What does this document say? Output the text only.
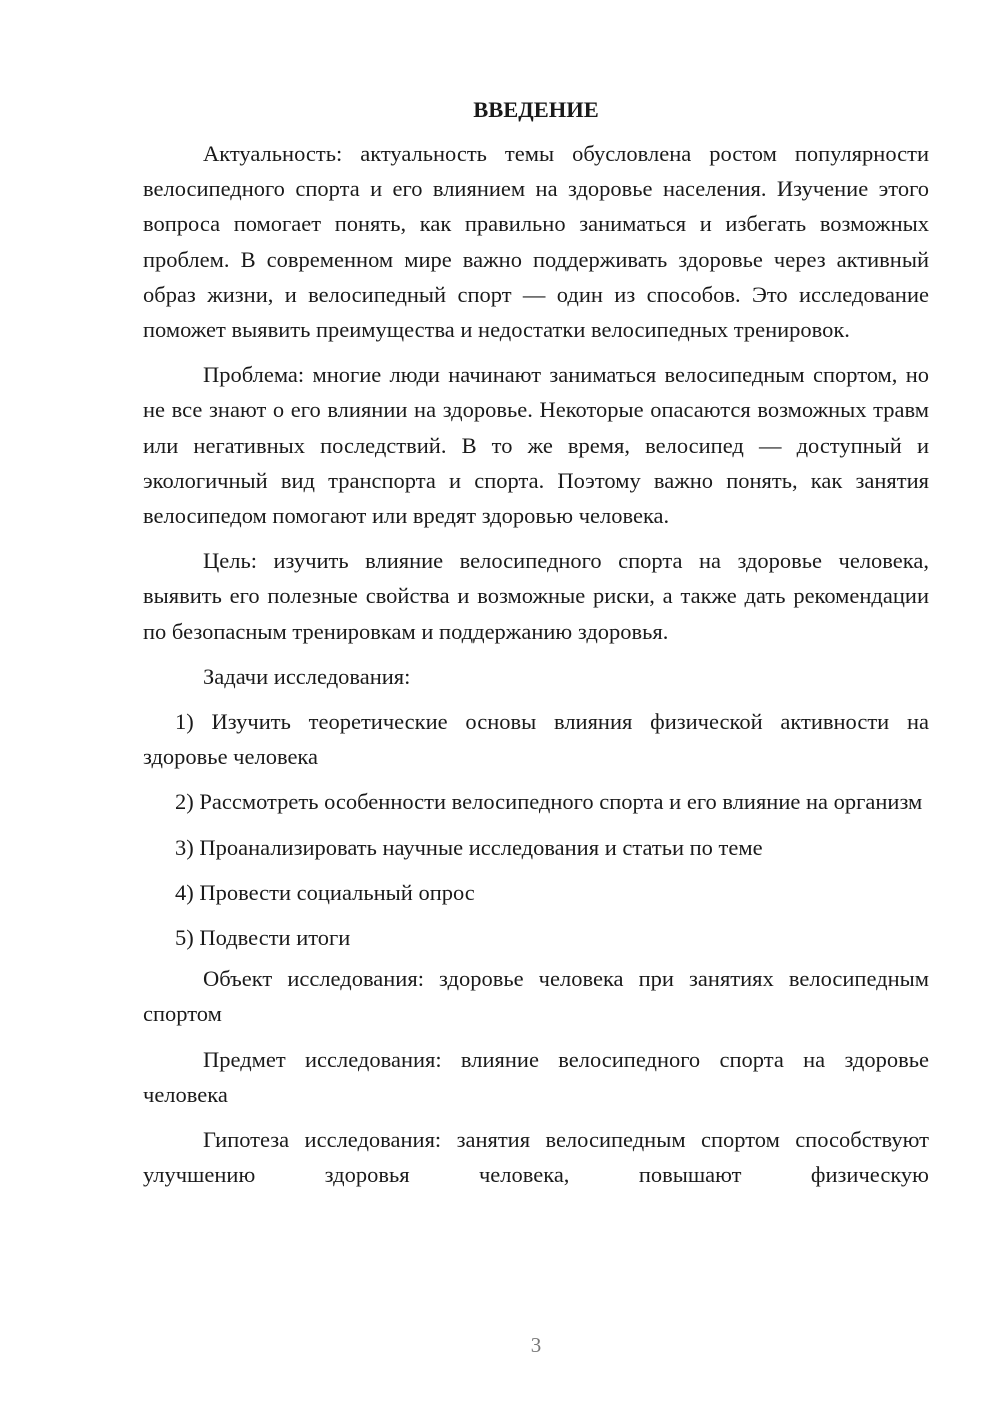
ВВЕДЕНИЕ

Актуальность: актуальность темы обусловлена ростом популярности велосипедного спорта и его влиянием на здоровье населения. Изучение этого вопроса помогает понять, как правильно заниматься и избегать возможных проблем. В современном мире важно поддерживать здоровье через активный образ жизни, и велосипедный спорт — один из способов. Это исследование поможет выявить преимущества и недостатки велосипедных тренировок.

Проблема: многие люди начинают заниматься велосипедным спортом, но не все знают о его влиянии на здоровье. Некоторые опасаются возможных травм или негативных последствий. В то же время, велосипед — доступный и экологичный вид транспорта и спорта. Поэтому важно понять, как занятия велосипедом помогают или вредят здоровью человека.

Цель: изучить влияние велосипедного спорта на здоровье человека, выявить его полезные свойства и возможные риски, а также дать рекомендации по безопасным тренировкам и поддержанию здоровья.

Задачи исследования:

1) Изучить теоретические основы влияния физической активности на здоровье человека

2) Рассмотреть особенности велосипедного спорта и его влияние на организм

3) Проанализировать научные исследования и статьи по теме

4) Провести социальный опрос

5) Подвести итоги

Объект исследования: здоровье человека при занятиях велосипедным спортом

Предмет исследования: влияние велосипедного спорта на здоровье человека

Гипотеза исследования: занятия велосипедным спортом способствуют улучшению здоровья человека, повышают физическую

3
